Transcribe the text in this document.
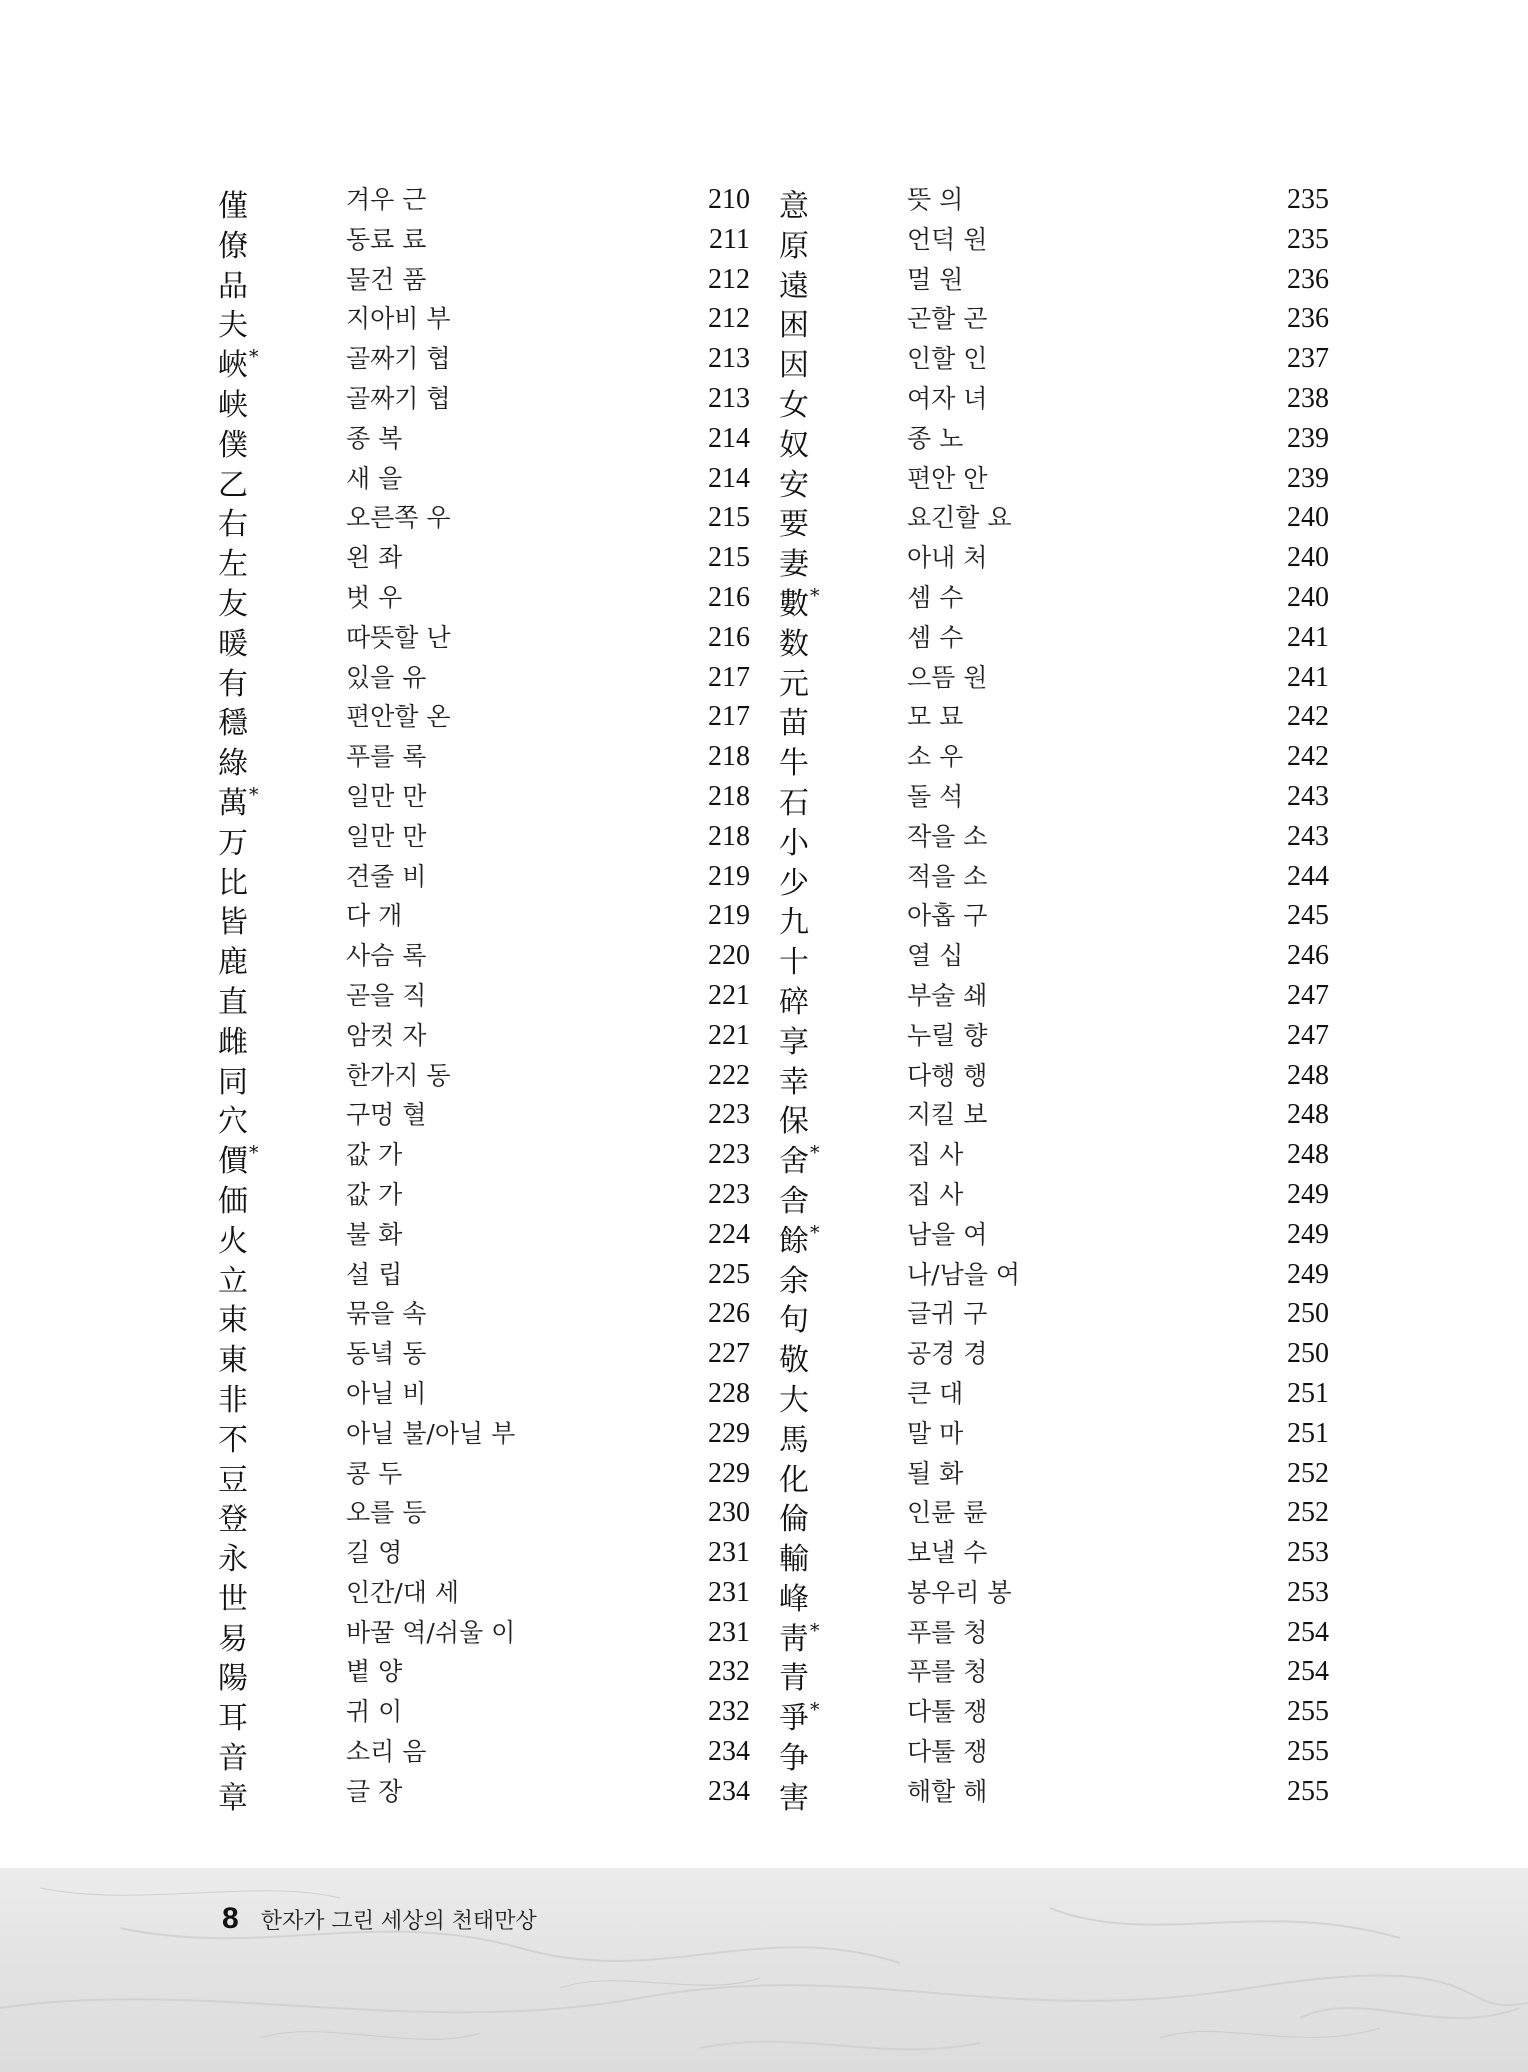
僅	겨우 근	210
僚	동료 료	211
品	물건 품	212
夫	지아비 부	212
峽*	골짜기 협	213
峡	골짜기 협	213
僕	종 복	214
乙	새 을	214
右	오른쪽 우	215
左	왼 좌	215
友	벗 우	216
暖	따뜻할 난	216
有	있을 유	217
穩	편안할 온	217
綠	푸를 록	218
萬*	일만 만	218
万	일만 만	218
比	견줄 비	219
皆	다 개	219
鹿	사슴 록	220
直	곧을 직	221
雌	암컷 자	221
同	한가지 동	222
穴	구멍 혈	223
價*	값 가	223
価	값 가	223
火	불 화	224
立	설 립	225
束	묶을 속	226
東	동녘 동	227
非	아닐 비	228
不	아닐 불/아닐 부	229
豆	콩 두	229
登	오를 등	230
永	길 영	231
世	인간/대 세	231
易	바꿀 역/쉬울 이	231
陽	볕 양	232
耳	귀 이	232
音	소리 음	234
章	글 장	234
意	뜻 의	235
原	언덕 원	235
遠	멀 원	236
困	곤할 곤	236
因	인할 인	237
女	여자 녀	238
奴	종 노	239
安	편안 안	239
要	요긴할 요	240
妻	아내 처	240
數*	셈 수	240
数	셈 수	241
元	으뜸 원	241
苗	모 묘	242
牛	소 우	242
石	돌 석	243
小	작을 소	243
少	적을 소	244
九	아홉 구	245
十	열 십	246
碎	부술 쇄	247
享	누릴 향	247
幸	다행 행	248
保	지킬 보	248
舍*	집 사	248
舎	집 사	249
餘*	남을 여	249
余	나/남을 여	249
句	글귀 구	250
敬	공경 경	250
大	큰 대	251
馬	말 마	251
化	될 화	252
倫	인륜 륜	252
輸	보낼 수	253
峰	봉우리 봉	253
靑*	푸를 청	254
青	푸를 청	254
爭*	다툴 쟁	255
争	다툴 쟁	255
害	해할 해	255
8 한자가 그린 세상의 천태만상
